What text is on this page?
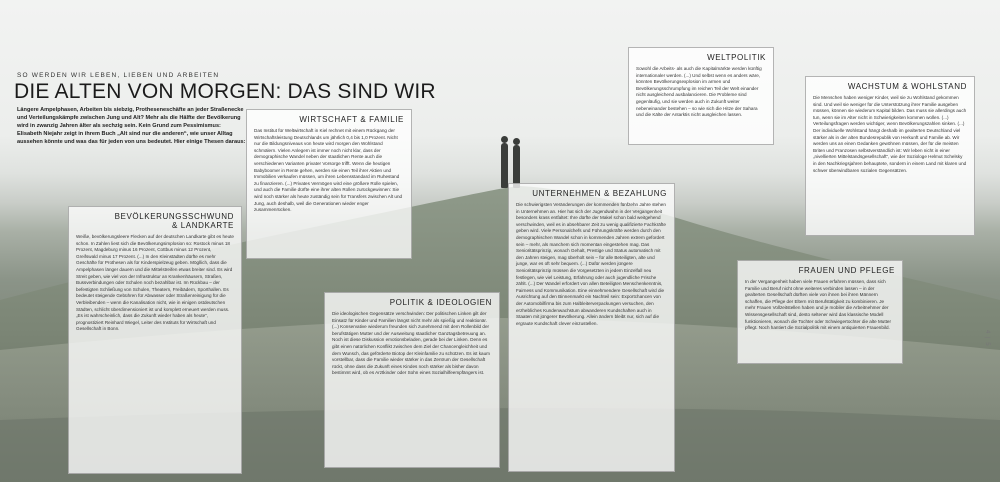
SO WERDEN WIR LEBEN, LIEBEN UND ARBEITEN
DIE ALTEN VON MORGEN: DAS SIND WIR
Längere Ampelphasen, Arbeiten bis siebzig, Protheseneschäfte an jeder Straßenecke und Verteilungskämpfe zwischen Jung und Alt? Mehr als die Hälfte der Bevölkerung wird in zwanzig Jahren älter als sechzig sein. Kein Grund zum Pessimismus: Elisabeth Niejahr zeigt in ihrem Buch „Alt sind nur die anderen“, wie unser Alltag aussehen könnte und was das für jeden von uns bedeutet. Hier einige Thesen daraus:
BEVÖLKERUNGSSCHWUND
& LANDKARTE

Weiße, bevölkerungsleere Flecken auf der deutschen Landkarte gibt es heute schon. In Zahlen liest sich die Bevölkerungsimplosion so: Rostock minus 18 Prozent, Magdeburg minus 16 Prozent, Cottbus minus 12 Prozent, Greifswald minus 17 Prozent. (...) In den Kleinstädten dürfte es mehr Geschäfte für Prothesen als für Kinderspielzeug geben. Mögllich, dass die Ampelphasen länger dauern und die Mittelstreifen etwas breiter sind. Es wird Streit geben, wie viel von der Infrastruktur an Krankenhäusern, Straßen, Bussverbindungen oder Schulen noch bezahlbar ist. Im Rückbau – der befestigten Schließung von Schulen, Theatern, Freibädern, Sporthallen. Es bedeutet steigende Gebühren für Abwasser oder Straßenreinigung für die Verbleibenden – wenn die Kanalisation nicht, wie in einigen ostdeutschen Städten, schlicht überdimensioniert ist und komplett erneuert werden muss. „Es ist wahrscheinlich, dass die Zukunft wieder haben als heute“, prognostiziert Reinhard Wiegel, Leiter des Instituts für Wirtschaft und Gesellschaft in Bonn.

WIRTSCHAFT & FAMILIE

Das Institut für Weltwirtschaft in Kiel rechnet mit einem Rückgang der Wirtschaftsleistung Deutschlands um jährlich 0,4 bis 1,0 Prozent. Nicht nur die Bildungsniveaus von heute wird morgen den Wohlstand schmälern. Vielen Anlegern ist immer noch nicht klar, dass der demographische Wandel neben der staatlichen Rente auch die verschiedenen Varianten privater Vorsorge trifft. Wenn die heutigen Babyboomer in Rente gehen, werden sie einen Teil ihrer Aktien und Immobilien verkaufen müssen, um ihren Lebensstandard im Ruhestand zu finanzieren. (...) Privates Vermögen wird eine größere Rolle spielen, und auch die Familie dürfte eine ihrer alten Rollen zurückgewinnen: Sie wird noch stärker als heute zuständig sein für Transfers zwischen Alt und Jung, auch deshalb, weil die Generationen wieder enger zusammenrücken.

POLITIK & IDEOLOGIEN

Die ideologischen Gegensätze verschwinden: Der politischen Linken gilt der Einsatz für Kinder und Familien längst nicht mehr als spießig und reaktionär. (...) Konservative wiederum freunden sich zunehmend mit dem Rollenbild der berufstätigen Mutter und der Ausweitung staatlicher Ganztagsbetreuung an. Noch ist diese Diskussion emotionsbeladen, gerade bei der Linken. Denn es gibt einen natürlichen Konflikt zwischen dem Ziel der Chancengleichheit und dem Wunsch, das geförderte Biotop der Kleinfamilie zu schützen. Es ist kaum vorstellbar, dass die Familie wieder stärker in das Zentrum der Gesellschaft rückt, ohne dass die Zukunft eines Kindes noch stärker als bisher davon bestimmt wird, ob es Arztkinder oder Sohn eines Sozialhilfeempfängers ist.

UNTERNEHMEN & BEZAHLUNG

Die schwierigsten Veränderungen der kommenden fünfzehn Jahre stehen in Unternehmen an. Hier hat sich der Jugendwahn in der Vergangenheit besonders krass entfaltet: Ihre dürfte der Makel schon bald weitgehend verschwinden, weil es in absehbarer Zeit zu wenig qualifizierte Fachkräfte geben wird. Viele Personalchefs und Führungskräfte werden durch den demographischen Wandel schon in kommenden Jahren extrem gefordert sein – mehr, als manchem sich momentan eingestehen mag. Das Senioritätsprinzip, wonach Gehalt, Prestige und Status automatisch mit den Jahren steigen, mag überholt sein – für alle Beteiligten, alte und junge, war es oft sehr bequem. (...) Dafür werden jüngere Senioritätsprinzip müssen die Vorgesetzten in jedem Einzelfall neu festlegen, wie viel Leistung, Erfahrung oder auch jugendliche Frische zählt. (...) Der Wandel erfordert von allen Beteiligten Menschenkenntnis, Fairness und Kommunikation. Eine einnehmendere Gesellschaft wird die Ausrichtung auf den Binnenmarkt ein Nachteil sein: Exportchancen von der Automobilfirma bis zum Halbleiterverpackungen versuchen, den erzhebliches Kundenwachstum abwanderen Kundschaften auch in Staaten mit jüngerer Bevölkerung. Allein ändern bleibt nur, sich auf die ergraute Kundschaft clever einzustellen.

WELTPOLITIK

Sowohl die Arbeits- als auch die Kapitalmärkte werden künftig internationaler werden. (...) Und selbst wenn es anders wäre, könnten Bevölkerungsexplosion im armen und Bevölkerungsschrumpfung im reichen Teil der Welt einander nicht ausgleichend ausbalancieren. Die Probleme sind gegenläufig, und sie werden auch in Zukunft weiter nebeneinander bestehen – so wie sich die Hitze der Sahara und die Kälte der Antarktis nicht ausgleichen lassen.

WACHSTUM & WOHLSTAND

Die Menschen haben weniger Kinder, weil sie zu Wohlstand gekommen sind. Und weil sie weniger für die Unterstützung ihrer Familie ausgeben müssen, können sie wiederum Kapital bilden. Das muss sie allerdings auch tun, wenn sie im Alter nicht in Schwierigkeiten kommen wollen. (...) Verteilungsfragen werden wichtiger, wenn Bevölkerungszahlen sinken. (...) Der individuelle Wohlstand hängt deshalb im gealterten Deutschland viel stärker als in der alten Bundesrepublik von Herkunft und Familie ab. Wir werden uns an einen Gedanken gewöhnen müssen, der für die meisten Briten und Franzosen selbstverständlich ist: Wir leben nicht in einer „nivellierten Mittelstandsgesellschaft“, wie der Soziologe Helmut Schelsky in den Nachkriegsjahren behauptete, sondern in einem Land mit klaren und schwer überwindbaren sozialen Gegensätzen.

FRAUEN UND PFLEGE

In der Vergangenheit haben viele Frauen erfahren müssen, dass sich Familie und Beruf nicht ohne weiteres verbinden lassen – in der gealterten Gesellschaft dürften viele von ihnen bei ihren Männern schaffen, die Pflege der Eltern mit Berufstätigkeit zu kombinieren. Je mehr Frauen Vollzeitstellen haben und je mobiler die Arbeitnehmer der Wissensgesellschaft sind, desto seltener wird das klassische Modell funktionieren, wonach die Tochter oder Schwiegertochter die alte Mutter pflegt. Noch hantiert die Sozialpolitik mit einem antiquierten Frauenbild.

4 | 5
